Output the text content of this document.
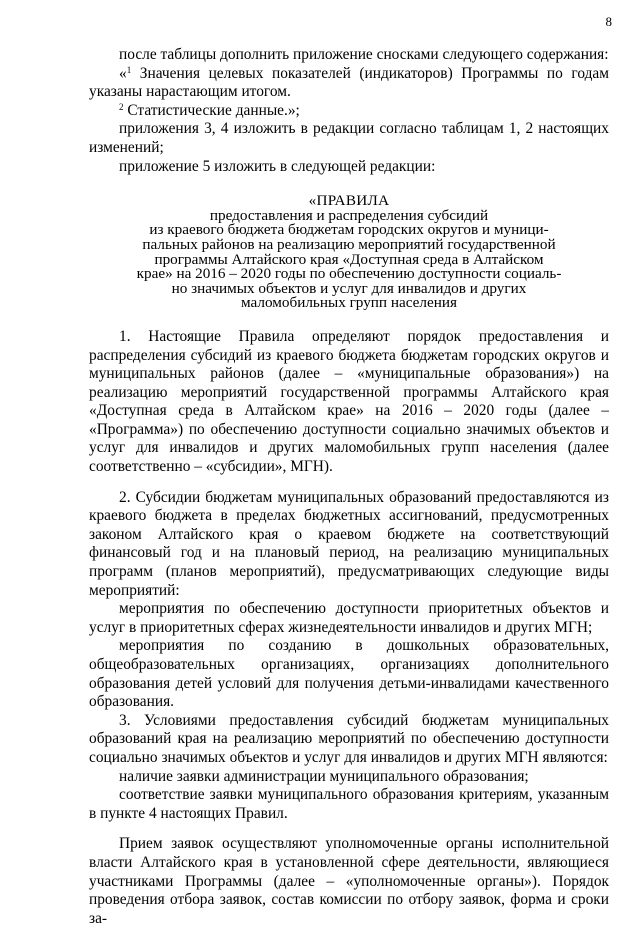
8

после таблицы дополнить приложение сносками следующего содержания:

«$^1$ Значения целевых показателей (индикаторов) Программы по годам указаны нарастающим итогом.

$^2$ Статистические данные.»;

приложения 3, 4 изложить в редакции согласно таблицам 1, 2 настоящих изменений;

приложение 5 изложить в следующей редакции:

«ПРАВИЛА
предоставления и распределения субсидий
из краевого бюджета бюджетам городских округов и муници-
пальных районов на реализацию мероприятий государственной
программы Алтайского края «Доступная среда в Алтайском
крае» на 2016 – 2020 годы по обеспечению доступности социаль-
но значимых объектов и услуг для инвалидов и других
маломобильных групп населения

1. Настоящие Правила определяют порядок предоставления и распределения субсидий из краевого бюджета бюджетам городских округов и муниципальных районов (далее – «муниципальные образования») на реализацию мероприятий государственной программы Алтайского края «Доступная среда в Алтайском крае» на 2016 – 2020 годы (далее – «Программа») по обеспечению доступности социально значимых объектов и услуг для инвалидов и других маломобильных групп населения (далее соответственно – «субсидии», МГН).

2. Субсидии бюджетам муниципальных образований предоставляются из краевого бюджета в пределах бюджетных ассигнований, предусмотренных законом Алтайского края о краевом бюджете на соответствующий финансовый год и на плановый период, на реализацию муниципальных программ (планов мероприятий), предусматривающих следующие виды мероприятий:

мероприятия по обеспечению доступности приоритетных объектов и услуг в приоритетных сферах жизнедеятельности инвалидов и других МГН;

мероприятия по созданию в дошкольных образовательных, общеобразовательных организациях, организациях дополнительного образования детей условий для получения детьми-инвалидами качественного образования.

3. Условиями предоставления субсидий бюджетам муниципальных образований края на реализацию мероприятий по обеспечению доступности социально значимых объектов и услуг для инвалидов и других МГН являются:

наличие заявки администрации муниципального образования;

соответствие заявки муниципального образования критериям, указанным в пункте 4 настоящих Правил.

Прием заявок осуществляют уполномоченные органы исполнительной власти Алтайского края в установленной сфере деятельности, являющиеся участниками Программы (далее – «уполномоченные органы»). Порядок проведения отбора заявок, состав комиссии по отбору заявок, форма и сроки за-
